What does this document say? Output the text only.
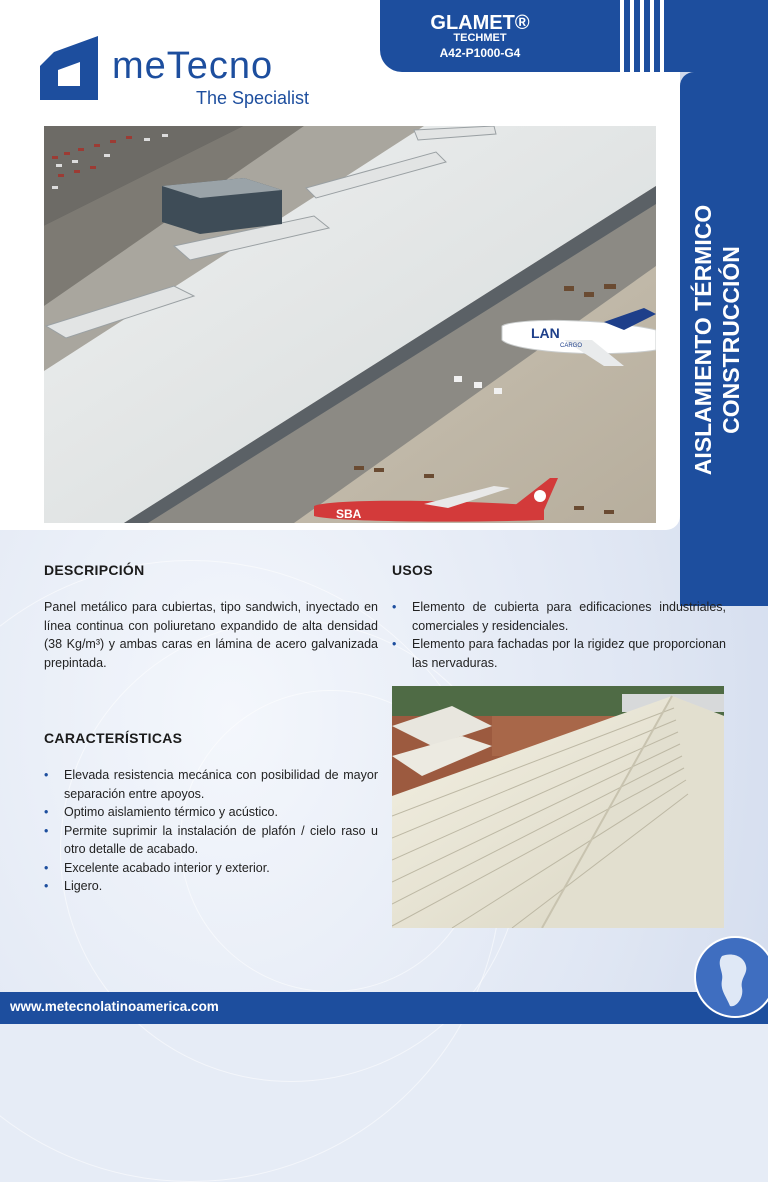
meTecno
The Specialist
GLAMET®
TECHMET
A42-P1000-G4
AISLAMIENTO TÉRMICO CONSTRUCCIÓN
LAN
CARGO
SBA
DESCRIPCIÓN
Panel metálico para cubiertas, tipo sandwich, inyectado en línea continua con poliuretano expandido de alta densidad (38 Kg/m³) y ambas caras en lámina de acero galvanizada prepintada.
USOS
• Elemento de cubierta para edificaciones industriales, comerciales y residenciales.
• Elemento para fachadas por la rigidez que proporcionan las nervaduras.
CARACTERÍSTICAS
• Elevada resistencia mecánica con posibilidad de mayor separación entre apoyos.
• Optimo aislamiento térmico y acústico.
• Permite suprimir la instalación de plafón / cielo raso u otro detalle de acabado.
• Excelente acabado interior y exterior.
• Ligero.
www.metecnolatinoamerica.com
